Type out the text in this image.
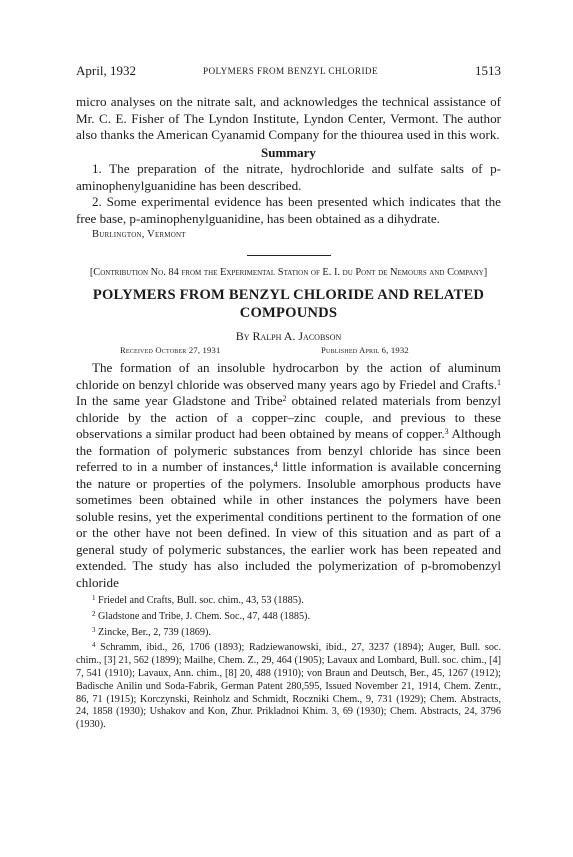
April, 1932	POLYMERS FROM BENZYL CHLORIDE	1513

micro analyses on the nitrate salt, and acknowledges the technical assistance of Mr. C. E. Fisher of The Lyndon Institute, Lyndon Center, Vermont. The author also thanks the American Cyanamid Company for the thiourea used in this work.

Summary

1. The preparation of the nitrate, hydrochloride and sulfate salts of p-aminophenylguanidine has been described.

2. Some experimental evidence has been presented which indicates that the free base, p-aminophenylguanidine, has been obtained as a dihydrate.

Burlington, Vermont
[Contribution No. 84 from the Experimental Station of E. I. du Pont de Nemours and Company]
POLYMERS FROM BENZYL CHLORIDE AND RELATED COMPOUNDS
By Ralph A. Jacobson
Received October 27, 1931	Published April 6, 1932

The formation of an insoluble hydrocarbon by the action of aluminum chloride on benzyl chloride was observed many years ago by Friedel and Crafts.$^1$ In the same year Gladstone and Tribe$^2$ obtained related materials from benzyl chloride by the action of a copper–zinc couple, and previous to these observations a similar product had been obtained by means of copper.$^3$ Although the formation of polymeric substances from benzyl chloride has since been referred to in a number of instances,$^4$ little information is available concerning the nature or properties of the polymers. Insoluble amorphous products have sometimes been obtained while in other instances the polymers have been soluble resins, yet the experimental conditions pertinent to the formation of one or the other have not been defined. In view of this situation and as part of a general study of polymeric substances, the earlier work has been repeated and extended. The study has also included the polymerization of p-bromobenzyl chloride

$^1$ Friedel and Crafts, Bull. soc. chim., 43, 53 (1885).
$^2$ Gladstone and Tribe, J. Chem. Soc., 47, 448 (1885).
$^3$ Zincke, Ber., 2, 739 (1869).
$^4$ Schramm, ibid., 26, 1706 (1893); Radziewanowski, ibid., 27, 3237 (1894); Auger, Bull. soc. chim., [3] 21, 562 (1899); Mailhe, Chem. Z., 29, 464 (1905); Lavaux and Lombard, Bull. soc. chim., [4] 7, 541 (1910); Lavaux, Ann. chim., [8] 20, 488 (1910); von Braun and Deutsch, Ber., 45, 1267 (1912); Badische Anilin und Soda-Fabrik, German Patent 280,595, Issued November 21, 1914, Chem. Zentr., 86, 71 (1915); Korczynski, Reinholz and Schmidt, Roczniki Chem., 9, 731 (1929); Chem. Abstracts, 24, 1858 (1930); Ushakov and Kon, Zhur. Prikladnoi Khim. 3, 69 (1930); Chem. Abstracts, 24, 3796 (1930).
